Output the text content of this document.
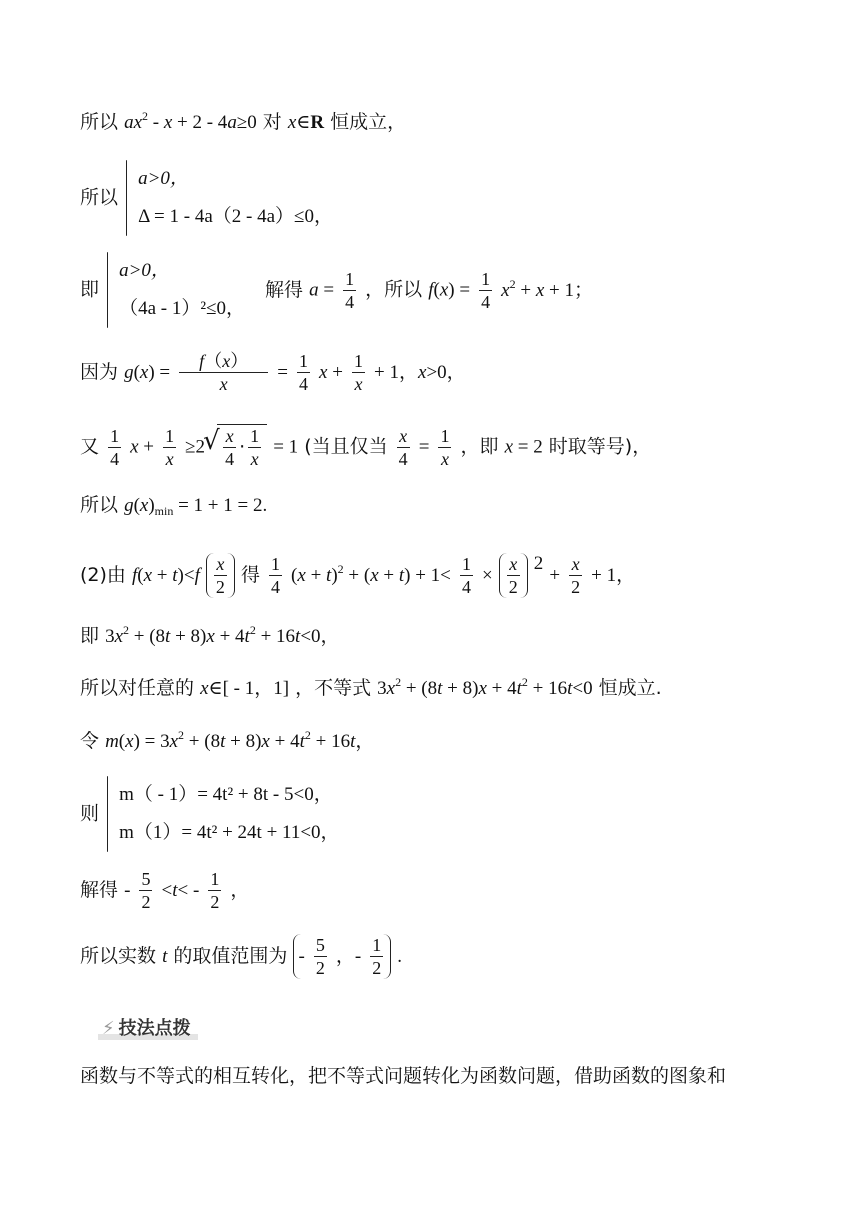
所以 $ax^2 - x + 2 - 4a\ge 0$ 对 x∈R 恒成立，
所以
a>0，
Δ = 1 - 4a（2 - 4a）≤0，
即
a>0，
（4a - 1）²≤0，
解得 $a = \frac{1}{4}$ ，所以 $f(x) = \frac{1}{4} x^2 + x + 1$；
因为 $g(x) = \frac{f(x)}{x} = \frac{1}{4}$ $x + \frac{1}{x} + 1$，x>0，
又 $\frac{1}{4}$ $x + \frac{1}{x} \ge 2$ √ $\frac{x}{4} \cdot \frac{1}{x} = 1$ (当且仅当 $\frac{x}{4} = \frac{1}{x}$ ，即 x = 2 时取等号)，
所以 $g(x)_{min} = 1 + 1 = 2$.
(2)由 $f(x + t)<f \frac{x}{2}$ 得 $\frac{1}{4} (x + t)^2 + (x + t) + 1< \frac{1}{4} \times \frac{x}{2} 2 + \frac{x}{2} + 1$，
即 $3x^2 + (8t + 8)x + 4t^2 + 16t<0$，
所以对任意的 x∈[ - 1，1] ，不等式 $3x^2 + (8t + 8)x + 4t^2 + 16t<0$ 恒成立.
令 $m(x) = 3x^2 + (8t + 8)x + 4t^2 + 16t$，
则
m（ - 1）= 4t² + 8t - 5<0，
m（1）= 4t² + 24t + 11<0，
解得 - $\frac{5}{2} <t< - \frac{1}{2}$ ，
所以实数 t 的取值范围为 - $\frac{5}{2}$ ，- $\frac{1}{2}$ .
⚡ 技法点拨
函数与不等式的相互转化，把不等式问题转化为函数问题，借助函数的图象和
